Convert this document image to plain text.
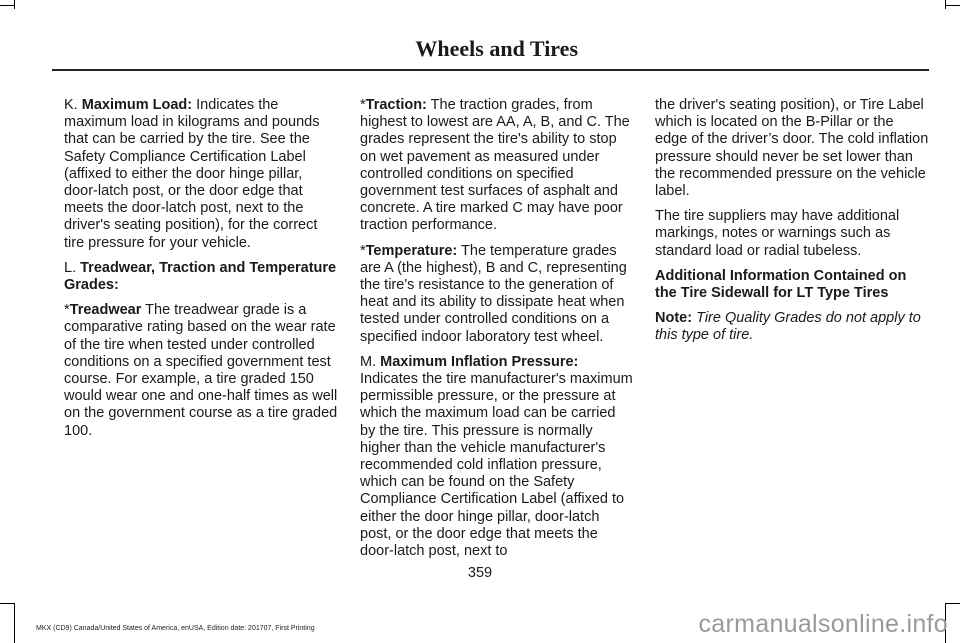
Wheels and Tires

K. Maximum Load: Indicates the maximum load in kilograms and pounds that can be carried by the tire. See the Safety Compliance Certification Label (affixed to either the door hinge pillar, door-latch post, or the door edge that meets the door-latch post, next to the driver's seating position), for the correct tire pressure for your vehicle.

L. Treadwear, Traction and Temperature Grades:

*Treadwear The treadwear grade is a comparative rating based on the wear rate of the tire when tested under controlled conditions on a specified government test course. For example, a tire graded 150 would wear one and one-half times as well on the government course as a tire graded 100.

*Traction: The traction grades, from highest to lowest are AA, A, B, and C. The grades represent the tire's ability to stop on wet pavement as measured under controlled conditions on specified government test surfaces of asphalt and concrete. A tire marked C may have poor traction performance.

*Temperature: The temperature grades are A (the highest), B and C, representing the tire's resistance to the generation of heat and its ability to dissipate heat when tested under controlled conditions on a specified indoor laboratory test wheel.

M. Maximum Inflation Pressure: Indicates the tire manufacturer's maximum permissible pressure, or the pressure at which the maximum load can be carried by the tire. This pressure is normally higher than the vehicle manufacturer's recommended cold inflation pressure, which can be found on the Safety Compliance Certification Label (affixed to either the door hinge pillar, door-latch post, or the door edge that meets the door-latch post, next to

the driver's seating position), or Tire Label which is located on the B-Pillar or the edge of the driver’s door. The cold inflation pressure should never be set lower than the recommended pressure on the vehicle label.

The tire suppliers may have additional markings, notes or warnings such as standard load or radial tubeless.

Additional Information Contained on the Tire Sidewall for LT Type Tires

Note: Tire Quality Grades do not apply to this type of tire.

359
MKX (CD9) Canada/United States of America, enUSA, Edition date: 201707, First Printing	carmanualsonline.info
